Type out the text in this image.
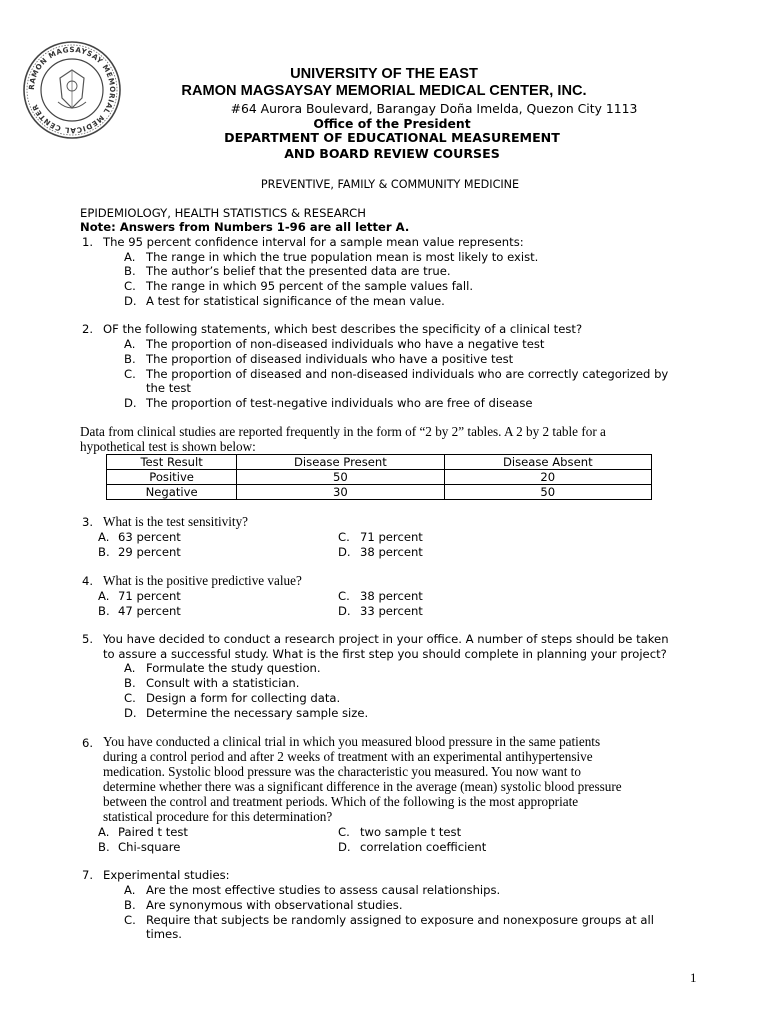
RAMON MAGSAYSAY MEMORIAL MEDICAL CENTER
UNIVERSITY OF THE EAST
RAMON MAGSAYSAY MEMORIAL MEDICAL CENTER, INC.
#64 Aurora Boulevard, Barangay Doña Imelda, Quezon City 1113
Office of the President
DEPARTMENT OF EDUCATIONAL MEASUREMENT
AND BOARD REVIEW COURSES
PREVENTIVE, FAMILY & COMMUNITY MEDICINE
EPIDEMIOLOGY, HEALTH STATISTICS & RESEARCH
Note: Answers from Numbers 1-96 are all letter A.
1. The 95 percent confidence interval for a sample mean value represents:
A. The range in which the true population mean is most likely to exist.
B. The author’s belief that the presented data are true.
C. The range in which 95 percent of the sample values fall.
D. A test for statistical significance of the mean value.
2. OF the following statements, which best describes the specificity of a clinical test?
A. The proportion of non-diseased individuals who have a negative test
B. The proportion of diseased individuals who have a positive test
C. The proportion of diseased and non-diseased individuals who are correctly categorized by
the test
D. The proportion of test-negative individuals who are free of disease
Data from clinical studies are reported frequently in the form of “2 by 2” tables. A 2 by 2 table for a
hypothetical test is shown below:
Test Result	Disease Present	Disease Absent
Positive	50	20
Negative	30	50
3. What is the test sensitivity?
A. 63 percent	C. 71 percent
B. 29 percent	D. 38 percent
4. What is the positive predictive value?
A. 71 percent	C. 38 percent
B. 47 percent	D. 33 percent
5. You have decided to conduct a research project in your office. A number of steps should be taken
to assure a successful study. What is the first step you should complete in planning your project?
A. Formulate the study question.
B. Consult with a statistician.
C. Design a form for collecting data.
D. Determine the necessary sample size.
6. You have conducted a clinical trial in which you measured blood pressure in the same patients
during a control period and after 2 weeks of treatment with an experimental antihypertensive
medication. Systolic blood pressure was the characteristic you measured. You now want to
determine whether there was a significant difference in the average (mean) systolic blood pressure
between the control and treatment periods. Which of the following is the most appropriate
statistical procedure for this determination?
A. Paired t test	C. two sample t test
B. Chi-square	D. correlation coefficient
7. Experimental studies:
A. Are the most effective studies to assess causal relationships.
B. Are synonymous with observational studies.
C. Require that subjects be randomly assigned to exposure and nonexposure groups at all
times.
1
